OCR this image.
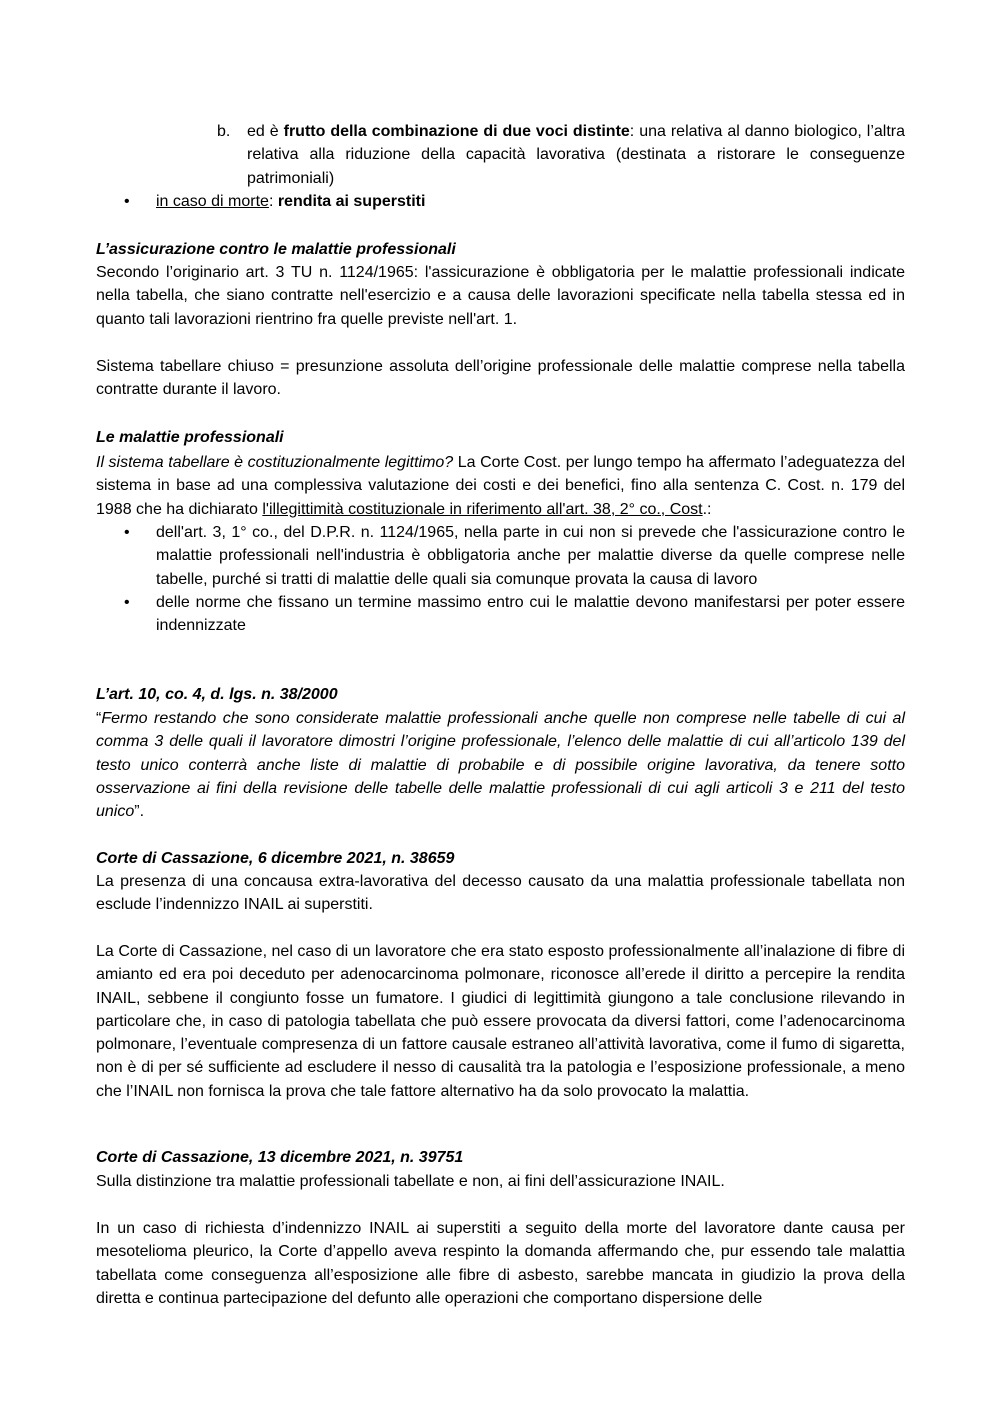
b. ed è frutto della combinazione di due voci distinte: una relativa al danno biologico, l’altra relativa alla riduzione della capacità lavorativa (destinata a ristorare le conseguenze patrimoniali)

• in caso di morte: rendita ai superstiti

L’assicurazione contro le malattie professionali

Secondo l’originario art. 3 TU n. 1124/1965: l'assicurazione è obbligatoria per le malattie professionali indicate nella tabella, che siano contratte nell'esercizio e a causa delle lavorazioni specificate nella tabella stessa ed in quanto tali lavorazioni rientrino fra quelle previste nell'art. 1.

Sistema tabellare chiuso = presunzione assoluta dell’origine professionale delle malattie comprese nella tabella contratte durante il lavoro.

Le malattie professionali

Il sistema tabellare è costituzionalmente legittimo? La Corte Cost. per lungo tempo ha affermato l’adeguatezza del sistema in base ad una complessiva valutazione dei costi e dei benefici, fino alla sentenza C. Cost. n. 179 del 1988 che ha dichiarato l'illegittimità costituzionale in riferimento all'art. 38, 2° co., Cost.:

• dell'art. 3, 1° co., del D.P.R. n. 1124/1965, nella parte in cui non si prevede che l'assicurazione contro le malattie professionali nell'industria è obbligatoria anche per malattie diverse da quelle comprese nelle tabelle, purché si tratti di malattie delle quali sia comunque provata la causa di lavoro

• delle norme che fissano un termine massimo entro cui le malattie devono manifestarsi per poter essere indennizzate

L’art. 10, co. 4, d. lgs. n. 38/2000

“Fermo restando che sono considerate malattie professionali anche quelle non comprese nelle tabelle di cui al comma 3 delle quali il lavoratore dimostri l’origine professionale, l’elenco delle malattie di cui all’articolo 139 del testo unico conterrà anche liste di malattie di probabile e di possibile origine lavorativa, da tenere sotto osservazione ai fini della revisione delle tabelle delle malattie professionali di cui agli articoli 3 e 211 del testo unico”.

Corte di Cassazione, 6 dicembre 2021, n. 38659

La presenza di una concausa extra-lavorativa del decesso causato da una malattia professionale tabellata non esclude l’indennizzo INAIL ai superstiti.

La Corte di Cassazione, nel caso di un lavoratore che era stato esposto professionalmente all’inalazione di fibre di amianto ed era poi deceduto per adenocarcinoma polmonare, riconosce all’erede il diritto a percepire la rendita INAIL, sebbene il congiunto fosse un fumatore. I giudici di legittimità giungono a tale conclusione rilevando in particolare che, in caso di patologia tabellata che può essere provocata da diversi fattori, come l’adenocarcinoma polmonare, l’eventuale compresenza di un fattore causale estraneo all’attività lavorativa, come il fumo di sigaretta, non è di per sé sufficiente ad escludere il nesso di causalità tra la patologia e l’esposizione professionale, a meno che l’INAIL non fornisca la prova che tale fattore alternativo ha da solo provocato la malattia.

Corte di Cassazione, 13 dicembre 2021, n. 39751

Sulla distinzione tra malattie professionali tabellate e non, ai fini dell’assicurazione INAIL.

In un caso di richiesta d’indennizzo INAIL ai superstiti a seguito della morte del lavoratore dante causa per mesotelioma pleurico, la Corte d’appello aveva respinto la domanda affermando che, pur essendo tale malattia tabellata come conseguenza all’esposizione alle fibre di asbesto, sarebbe mancata in giudizio la prova della diretta e continua partecipazione del defunto alle operazioni che comportano dispersione delle
